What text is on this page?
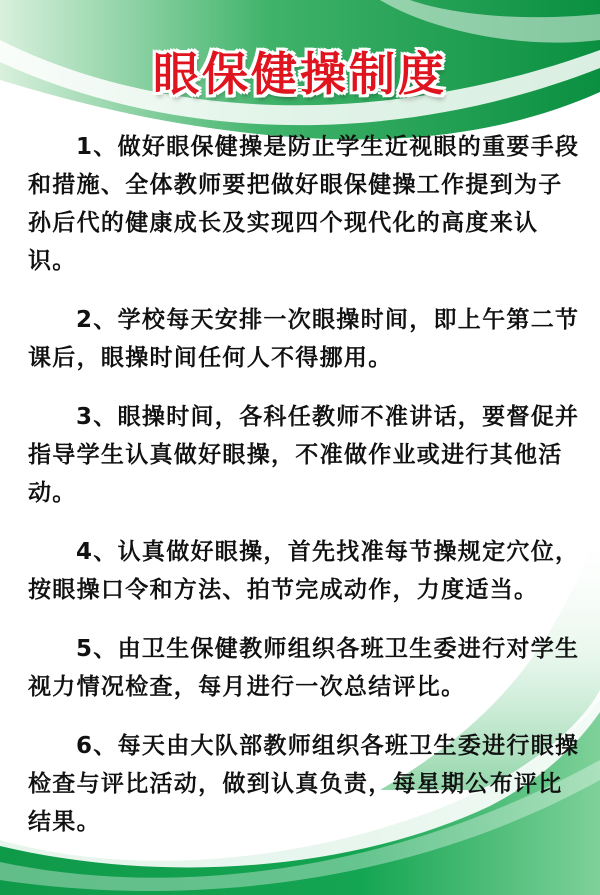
眼保健操制度

1、做好眼保健操是防止学生近视眼的重要手段和措施、全体教师要把做好眼保健操工作提到为子孙后代的健康成长及实现四个现代化的高度来认识。

2、学校每天安排一次眼操时间，即上午第二节课后，眼操时间任何人不得挪用。

3、眼操时间，各科任教师不准讲话，要督促并指导学生认真做好眼操，不准做作业或进行其他活动。

4、认真做好眼操，首先找准每节操规定穴位，按眼操口令和方法、拍节完成动作，力度适当。

5、由卫生保健教师组织各班卫生委进行对学生视力情况检查，每月进行一次总结评比。

6、每天由大队部教师组织各班卫生委进行眼操检查与评比活动，做到认真负责，每星期公布评比结果。
